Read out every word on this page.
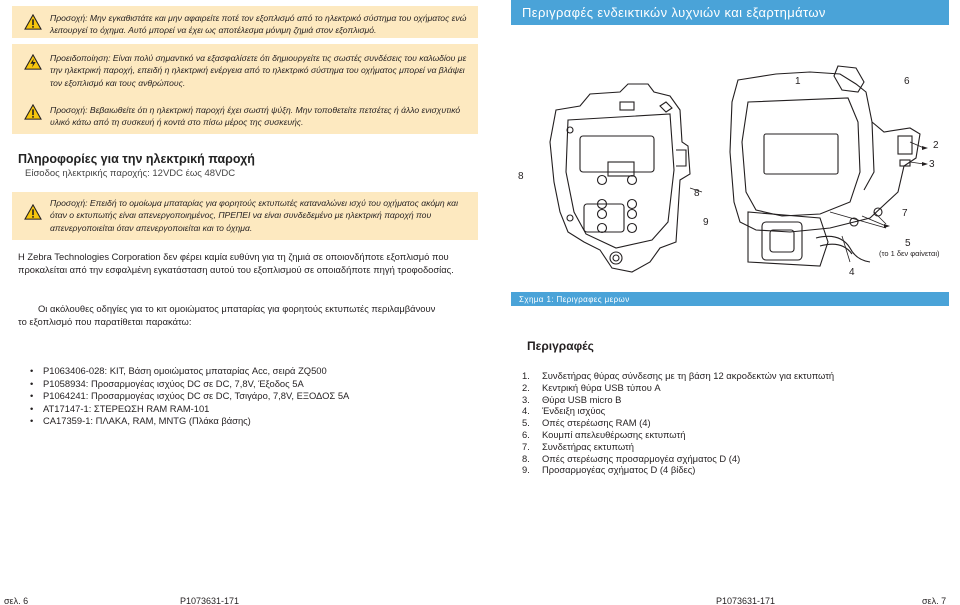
Προσοχή: Μην εγκαθιστάτε και μην αφαιρείτε ποτέ τον εξοπλισμό από το ηλεκτρικό σύστημα του οχήματος ενώ λειτουργεί το όχημα. Αυτό μπορεί να έχει ως αποτέλεσμα μόνιμη ζημιά στον εξοπλισμό.
Προειδοποίηση: Είναι πολύ σημαντικό να εξασφαλίσετε ότι δημιουργείτε τις σωστές συνδέσεις του καλωδίου με την ηλεκτρική παροχή, επειδή η ηλεκτρική ενέργεια από το ηλεκτρικό σύστημα του οχήματος μπορεί να βλάψει τον εξοπλισμό και τους ανθρώπους.
Προσοχή: Βεβαιωθείτε ότι η ηλεκτρική παροχή έχει σωστή ψύξη. Μην τοποθετείτε πετσέτες ή άλλο ενισχυτικό υλικό κάτω από τη συσκευή ή κοντά στο πίσω μέρος της συσκευής.
Πληροφορίες για την ηλεκτρική παροχή
Είσοδος ηλεκτρικής παροχής: 12VDC έως 48VDC
Προσοχή: Επειδή το ομοίωμα μπαταρίας για φορητούς εκτυπωτές καταναλώνει ισχύ του οχήματος ακόμη και όταν ο εκτυπωτής είναι απενεργοποιημένος, ΠΡΕΠΕΙ να είναι συνδεδεμένο με ηλεκτρική παροχή που απενεργοποιείται όταν απενεργοποιείται και το όχημα.
Η Zebra Technologies Corporation δεν φέρει καμία ευθύνη για τη ζημιά σε οποιονδήποτε εξοπλισμό που προκαλείται από την εσφαλμένη εγκατάσταση αυτού του εξοπλισμού σε οποιαδήποτε πηγή τροφοδοσίας.
Οι ακόλουθες οδηγίες για το κιτ ομοιώματος μπαταρίας για φορητούς εκτυπωτές περιλαμβάνουν το εξοπλισμό που παρατίθεται παρακάτω:
• P1063406-028: ΚΙΤ, Βάση ομοιώματος μπαταρίας Acc, σειρά ZQ500
• P1058934: Προσαρμογέας ισχύος DC σε DC, 7,8V, Έξοδος 5A
• P1064241: Προσαρμογέας ισχύος DC σε DC, Τσιγάρο, 7,8V, ΕΞΟΔΟΣ 5A
• AT17147-1: ΣΤΕΡΕΩΣΗ RAM RAM-101
• CA17359-1: ΠΛΑΚΑ, RAM, MNTG (Πλάκα βάσης)
Περιγραφές ενδεικτικών λυχνιών και εξαρτημάτων
1	6
2
3
8
8
9
7
5
(το 1 δεν φαίνεται)
4
Σχημα 1: Περιγραφες μερων
Περιγραφές
1.	Συνδετήρας θύρας σύνδεσης με τη βάση 12 ακροδεκτών για εκτυπωτή
2.	Κεντρική θύρα USB τύπου A
3.	Θύρα USB micro B
4.	Ένδειξη ισχύος
5.	Οπές στερέωσης RAM (4)
6.	Κουμπί απελευθέρωσης εκτυπωτή
7.	Συνδετήρας εκτυπωτή
8.	Οπές στερέωσης προσαρμογέα σχήματος D (4)
9.	Προσαρμογέας σχήματος D (4 βίδες)
σελ. 6	P1073631-171	P1073631-171	σελ. 7
